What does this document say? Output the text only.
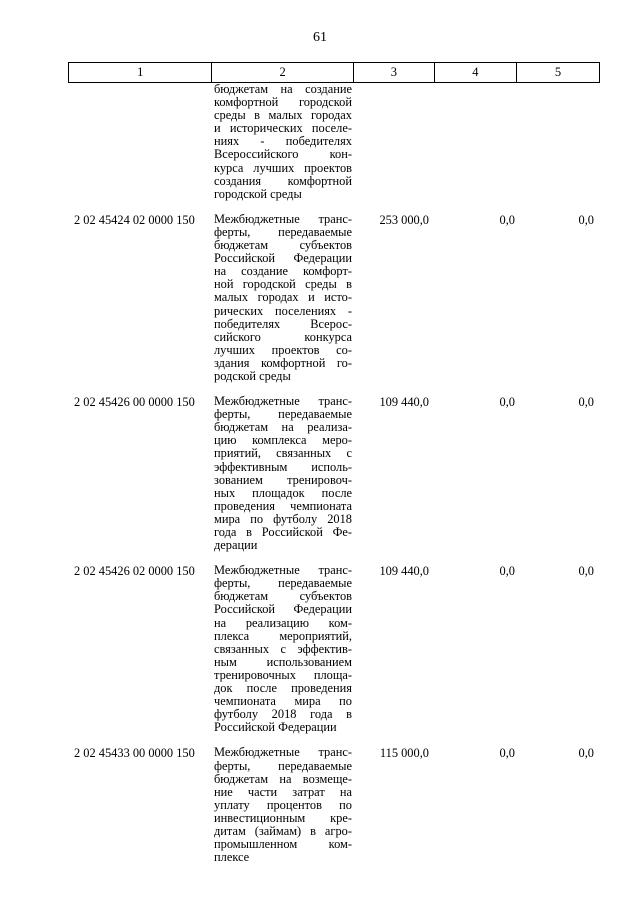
61
1	2	3	4	5
бюджетам на создание
комфортной городской
среды в малых городах
и исторических поселе-
ниях - победителях
Всероссийского кон-
курса лучших проектов
создания комфортной
городской среды
2 02 45424 02 0000 150	Межбюджетные транс-
ферты, передаваемые
бюджетам субъектов
Российской Федерации
на создание комфорт-
ной городской среды в
малых городах и исто-
рических поселениях -
победителях Всерос-
сийского конкурса
лучших проектов со-
здания комфортной го-
родской среды
253 000,0	0,0	0,0
2 02 45426 00 0000 150	Межбюджетные транс-
ферты, передаваемые
бюджетам на реализа-
цию комплекса меро-
приятий, связанных с
эффективным исполь-
зованием тренировоч-
ных площадок после
проведения чемпионата
мира по футболу 2018
года в Российской Фе-
дерации
109 440,0	0,0	0,0
2 02 45426 02 0000 150	Межбюджетные транс-
ферты, передаваемые
бюджетам субъектов
Российской Федерации
на реализацию ком-
плекса мероприятий,
связанных с эффектив-
ным использованием
тренировочных площа-
док после проведения
чемпионата мира по
футболу 2018 года в
Российской Федерации
109 440,0	0,0	0,0
2 02 45433 00 0000 150	Межбюджетные транс-
ферты, передаваемые
бюджетам на возмеще-
ние части затрат на
уплату процентов по
инвестиционным кре-
дитам (займам) в агро-
промышленном ком-
плексе
115 000,0	0,0	0,0
